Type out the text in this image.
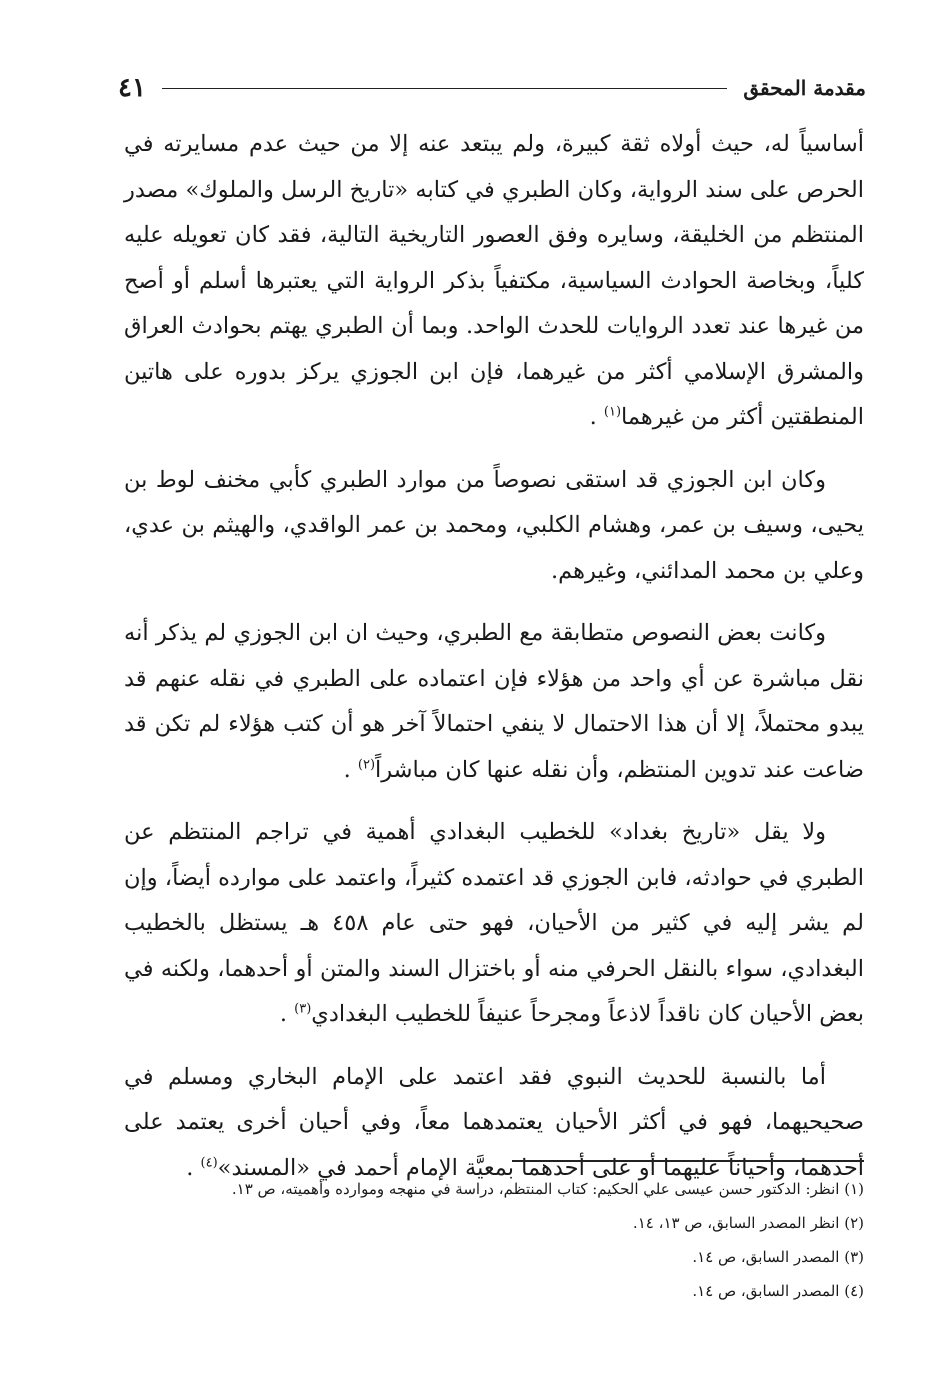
مقدمة المحقق
٤١

أساسياً له، حيث أولاه ثقة كبيرة، ولم يبتعد عنه إلا من حيث عدم مسايرته في الحرص على سند الرواية، وكان الطبري في كتابه «تاريخ الرسل والملوك» مصدر المنتظم من الخليقة، وسايره وفق العصور التاريخية التالية، فقد كان تعويله عليه كلياً، وبخاصة الحوادث السياسية، مكتفياً بذكر الرواية التي يعتبرها أسلم أو أصح من غيرها عند تعدد الروايات للحدث الواحد. وبما أن الطبري يهتم بحوادث العراق والمشرق الإسلامي أكثر من غيرهما، فإن ابن الجوزي يركز بدوره على هاتين المنطقتين أكثر من غيرهما$^{(١)}$ .

وكان ابن الجوزي قد استقى نصوصاً من موارد الطبري كأبي مخنف لوط بن يحيى، وسيف بن عمر، وهشام الكلبي، ومحمد بن عمر الواقدي، والهيثم بن عدي، وعلي بن محمد المدائني، وغيرهم.

وكانت بعض النصوص متطابقة مع الطبري، وحيث ان ابن الجوزي لم يذكر أنه نقل مباشرة عن أي واحد من هؤلاء فإن اعتماده على الطبري في نقله عنهم قد يبدو محتملاً، إلا أن هذا الاحتمال لا ينفي احتمالاً آخر هو أن كتب هؤلاء لم تكن قد ضاعت عند تدوين المنتظم، وأن نقله عنها كان مباشراً$^{(٢)}$ .

ولا يقل «تاريخ بغداد» للخطيب البغدادي أهمية في تراجم المنتظم عن الطبري في حوادثه، فابن الجوزي قد اعتمده كثيراً، واعتمد على موارده أيضاً، وإن لم يشر إليه في كثير من الأحيان، فهو حتى عام ٤٥٨ هـ يستظل بالخطيب البغدادي، سواء بالنقل الحرفي منه أو باختزال السند والمتن أو أحدهما، ولكنه في بعض الأحيان كان ناقداً لاذعاً ومجرحاً عنيفاً للخطيب البغدادي$^{(٣)}$ .

أما بالنسبة للحديث النبوي فقد اعتمد على الإمام البخاري ومسلم في صحيحيهما، فهو في أكثر الأحيان يعتمدهما معاً، وفي أحيان أخرى يعتمد على أحدهما، وأحياناً عليهما أو على أحدهما بمعيَّة الإمام أحمد في «المسند»$^{(٤)}$ .

(١) انظر: الدكتور حسن عيسى علي الحكيم: كتاب المنتظم، دراسة في منهجه وموارده وأهميته، ص ١٣.
(٢) انظر المصدر السابق، ص ١٣، ١٤.
(٣) المصدر السابق، ص ١٤.
(٤) المصدر السابق، ص ١٤.
